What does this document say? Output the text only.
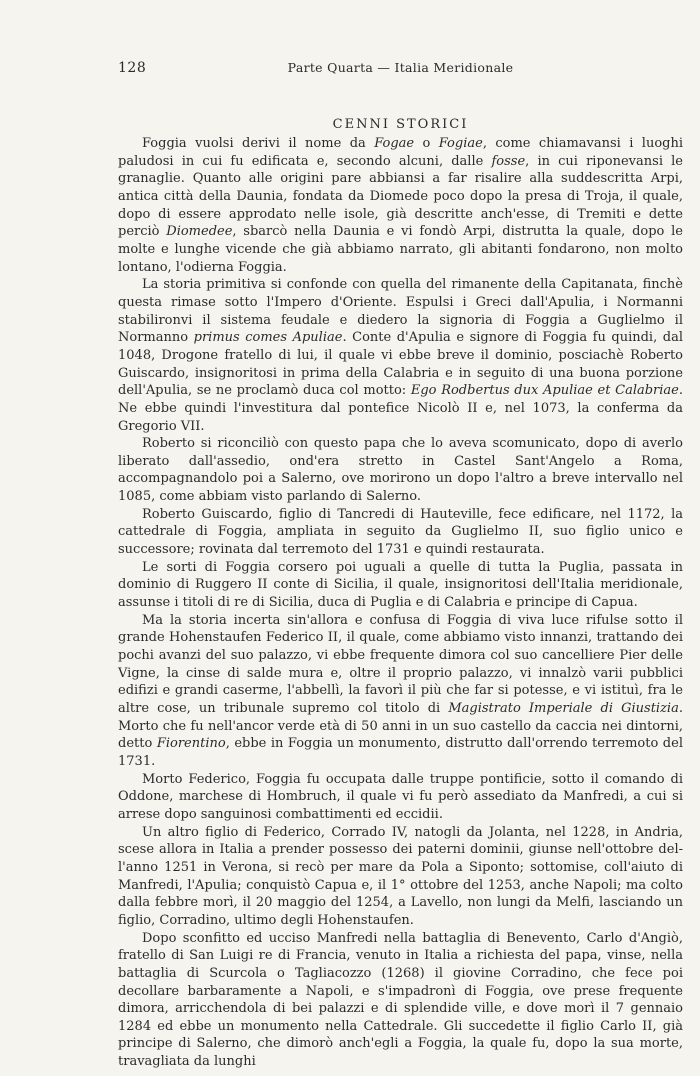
128	Parte Quarta — Italia Meridionale
CENNI STORICI

Foggia vuolsi derivi il nome da Fogae o Fogiae, come chiamavansi i luoghi paludosi in cui fu edificata e, secondo alcuni, dalle fosse, in cui riponevansi le granaglie. Quanto alle origini pare abbiansi a far risalire alla suddescritta Arpi, antica città della Daunia, fondata da Diomede poco dopo la presa di Troja, il quale, dopo di essere approdato nelle isole, già descritte anch'esse, di Tremiti e dette perciò Diomedee, sbarcò nella Daunia e vi fondò Arpi, distrutta la quale, dopo le molte e lunghe vicende che già abbiamo narrato, gli abitanti fondarono, non molto lontano, l'odierna Foggia.

La storia primitiva si confonde con quella del rimanente della Capitanata, finchè questa rimase sotto l'Impero d'Oriente. Espulsi i Greci dall'Apulia, i Normanni stabilironvi il sistema feudale e diedero la signoria di Foggia a Guglielmo il Normanno primus comes Apuliae. Conte d'Apulia e signore di Foggia fu quindi, dal 1048, Drogone fratello di lui, il quale vi ebbe breve il dominio, posciachè Roberto Guiscardo, insignoritosi in prima della Calabria e in seguito di una buona porzione dell'Apulia, se ne proclamò duca col motto: Ego Rodbertus dux Apuliae et Calabriae. Ne ebbe quindi l'investitura dal pontefice Nicolò II e, nel 1073, la conferma da Gregorio VII.

Roberto si riconciliò con questo papa che lo aveva scomunicato, dopo di averlo liberato dall'assedio, ond'era stretto in Castel Sant'Angelo a Roma, accompagnandolo poi a Salerno, ove morirono un dopo l'altro a breve intervallo nel 1085, come abbiam visto parlando di Salerno.

Roberto Guiscardo, figlio di Tancredi di Hauteville, fece edificare, nel 1172, la cattedrale di Foggia, ampliata in seguito da Guglielmo II, suo figlio unico e successore; rovinata dal terremoto del 1731 e quindi restaurata.

Le sorti di Foggia corsero poi uguali a quelle di tutta la Puglia, passata in dominio di Ruggero II conte di Sicilia, il quale, insignoritosi dell'Italia meridionale, assunse i titoli di re di Sicilia, duca di Puglia e di Calabria e principe di Capua.

Ma la storia incerta sin'allora e confusa di Foggia di viva luce rifulse sotto il grande Hohenstaufen Federico II, il quale, come abbiamo visto innanzi, trattando dei pochi avanzi del suo palazzo, vi ebbe frequente dimora col suo cancelliere Pier delle Vigne, la cinse di salde mura e, oltre il proprio palazzo, vi innalzò varii pubblici edifizi e grandi caserme, l'abbellì, la favorì il più che far si potesse, e vi istituì, fra le altre cose, un tribunale supremo col titolo di Magistrato Imperiale di Giustizia. Morto che fu nell'ancor verde età di 50 anni in un suo castello da caccia nei dintorni, detto Fiorentino, ebbe in Foggia un monumento, distrutto dall'orrendo terremoto del 1731.

Morto Federico, Foggia fu occupata dalle truppe pontificie, sotto il comando di Oddone, marchese di Hombruch, il quale vi fu però assediato da Manfredi, a cui si arrese dopo sanguinosi combattimenti ed eccidii.

Un altro figlio di Federico, Corrado IV, natogli da Jolanta, nel 1228, in Andria, scese allora in Italia a prender possesso dei paterni dominii, giunse nell'ottobre del-l'anno 1251 in Verona, si recò per mare da Pola a Siponto; sottomise, coll'aiuto di Manfredi, l'Apulia; conquistò Capua e, il 1° ottobre del 1253, anche Napoli; ma colto dalla febbre morì, il 20 maggio del 1254, a Lavello, non lungi da Melfi, lasciando un figlio, Corradino, ultimo degli Hohenstaufen.

Dopo sconfitto ed ucciso Manfredi nella battaglia di Benevento, Carlo d'Angiò, fratello di San Luigi re di Francia, venuto in Italia a richiesta del papa, vinse, nella battaglia di Scurcola o Tagliacozzo (1268) il giovine Corradino, che fece poi decollare barbaramente a Napoli, e s'impadronì di Foggia, ove prese frequente dimora, arricchendola di bei palazzi e di splendide ville, e dove morì il 7 gennaio 1284 ed ebbe un monumento nella Cattedrale. Gli succedette il figlio Carlo II, già principe di Salerno, che dimorò anch'egli a Foggia, la quale fu, dopo la sua morte, travagliata da lunghi
